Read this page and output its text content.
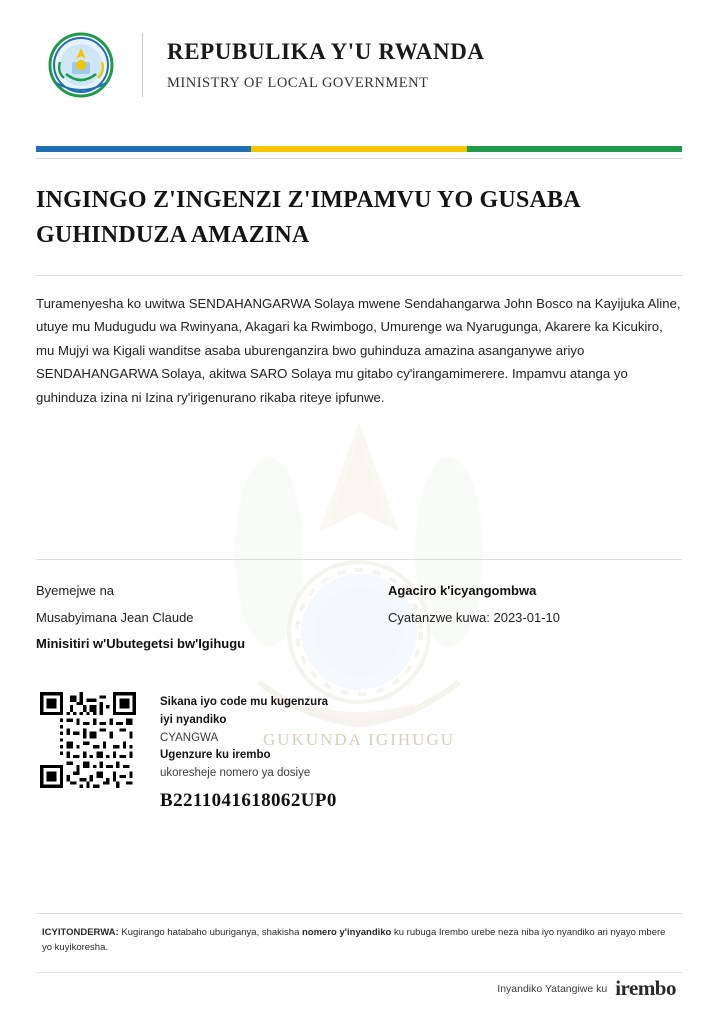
REPUBULIKA Y'U RWANDA
MINISTRY OF LOCAL GOVERNMENT
INGINGO Z'INGENZI Z'IMPAMVU YO GUSABA GUHINDUZA AMAZINA
Turamenyesha ko uwitwa SENDAHANGARWA Solaya mwene Sendahangarwa John Bosco na Kayijuka Aline, utuye mu Mudugudu wa Rwinyana, Akagari ka Rwimbogo, Umurenge wa Nyarugunga, Akarere ka Kicukiro, mu Mujyi wa Kigali wanditse asaba uburenganzira bwo guhinduza amazina asanganywe ariyo SENDAHANGARWA Solaya, akitwa SARO Solaya mu gitabo cy'irangamimerere. Impamvu atanga yo guhinduza izina ni Izina ry'irigenurano rikaba riteye ipfunwe.
GUKUNDA IGIHUGU
Byemejwe na
Musabyimana Jean Claude
Minisitiri w'Ubutegetsi bw'Igihugu
Agaciro k'icyangombwa
Cyatanzwe kuwa: 2023-01-10
Sikana iyo code mu kugenzura
iyi nyandiko
CYANGWA
Ugenzure ku irembo
ukoresheje nomero ya dosiye
B2211041618062UP0
ICYITONDERWA: Kugirango hatabaho uburiganya, shakisha nomero y'inyandiko ku rubuga Irembo urebe neza niba iyo nyandiko ari nyayo mbere yo kuyikoresha.
Inyandiko Yatangiwe ku irembo
